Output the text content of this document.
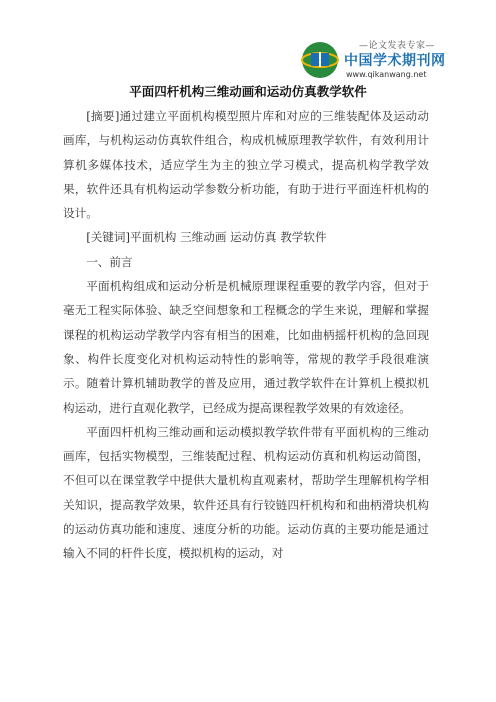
—论文发表专家—
中国学术期刊网
www.qikanwang.net
平面四杆机构三维动画和运动仿真教学软件

[摘要]通过建立平面机构模型照片库和对应的三维装配体及运动动画库，与机构运动仿真软件组合，构成机械原理教学软件，有效利用计算机多媒体技术，适应学生为主的独立学习模式，提高机构学教学效果，软件还具有机构运动学参数分析功能，有助于进行平面连杆机构的设计。

[关键词]平面机构 三维动画 运动仿真 教学软件

一、前言

平面机构组成和运动分析是机械原理课程重要的教学内容，但对于毫无工程实际体验、缺乏空间想象和工程概念的学生来说，理解和掌握课程的机构运动学教学内容有相当的困难，比如曲柄摇杆机构的急回现象、构件长度变化对机构运动特性的影响等，常规的教学手段很难演示。随着计算机辅助教学的普及应用，通过教学软件在计算机上模拟机构运动，进行直观化教学，已经成为提高课程教学效果的有效途径。

平面四杆机构三维动画和运动模拟教学软件带有平面机构的三维动画库，包括实物模型，三维装配过程、机构运动仿真和机构运动简图，不但可以在课堂教学中提供大量机构直观素材，帮助学生理解机构学相关知识，提高教学效果，软件还具有行铰链四杆机构和和曲柄滑块机构的运动仿真功能和速度、速度分析的功能。运动仿真的主要功能是通过输入不同的杆件长度，模拟机构的运动，对
